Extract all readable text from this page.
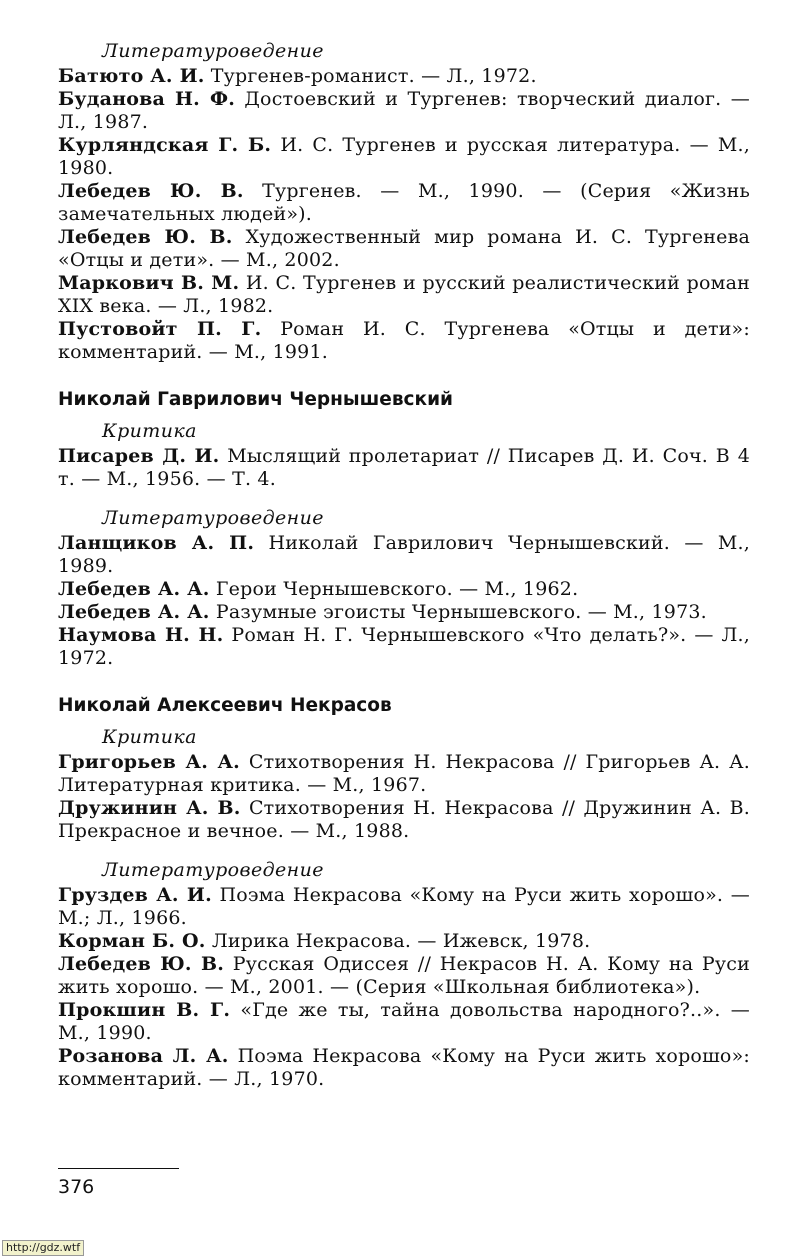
Литературоведение

Батюто А. И. Тургенев-романист. — Л., 1972.

Буданова Н. Ф. Достоевский и Тургенев: творческий диалог. — Л., 1987.

Курляндская Г. Б. И. С. Тургенев и русская литература. — М., 1980.

Лебедев Ю. В. Тургенев. — М., 1990. — (Серия «Жизнь замечательных людей»).

Лебедев Ю. В. Художественный мир романа И. С. Тургенева «Отцы и дети». — М., 2002.

Маркович В. М. И. С. Тургенев и русский реалистический роман XIX века. — Л., 1982.

Пустовойт П. Г. Роман И. С. Тургенева «Отцы и дети»: комментарий. — М., 1991.

Николай Гаврилович Чернышевский

Критика

Писарев Д. И. Мыслящий пролетариат // Писарев Д. И. Соч. В 4 т. — М., 1956. — Т. 4.

Литературоведение

Ланщиков А. П. Николай Гаврилович Чернышевский. — М., 1989.

Лебедев А. А. Герои Чернышевского. — М., 1962.

Лебедев А. А. Разумные эгоисты Чернышевского. — М., 1973.

Наумова Н. Н. Роман Н. Г. Чернышевского «Что делать?». — Л., 1972.

Николай Алексеевич Некрасов

Критика

Григорьев А. А. Стихотворения Н. Некрасова // Григорьев А. А. Литературная критика. — М., 1967.

Дружинин А. В. Стихотворения Н. Некрасова // Дружинин А. В. Прекрасное и вечное. — М., 1988.

Литературоведение

Груздев А. И. Поэма Некрасова «Кому на Руси жить хорошо». — М.; Л., 1966.

Корман Б. О. Лирика Некрасова. — Ижевск, 1978.

Лебедев Ю. В. Русская Одиссея // Некрасов Н. А. Кому на Руси жить хорошо. — М., 2001. — (Серия «Школьная библиотека»).

Прокшин В. Г. «Где же ты, тайна довольства народного?..». — М., 1990.

Розанова Л. А. Поэма Некрасова «Кому на Руси жить хорошо»: комментарий. — Л., 1970.

376
http://gdz.wtf
